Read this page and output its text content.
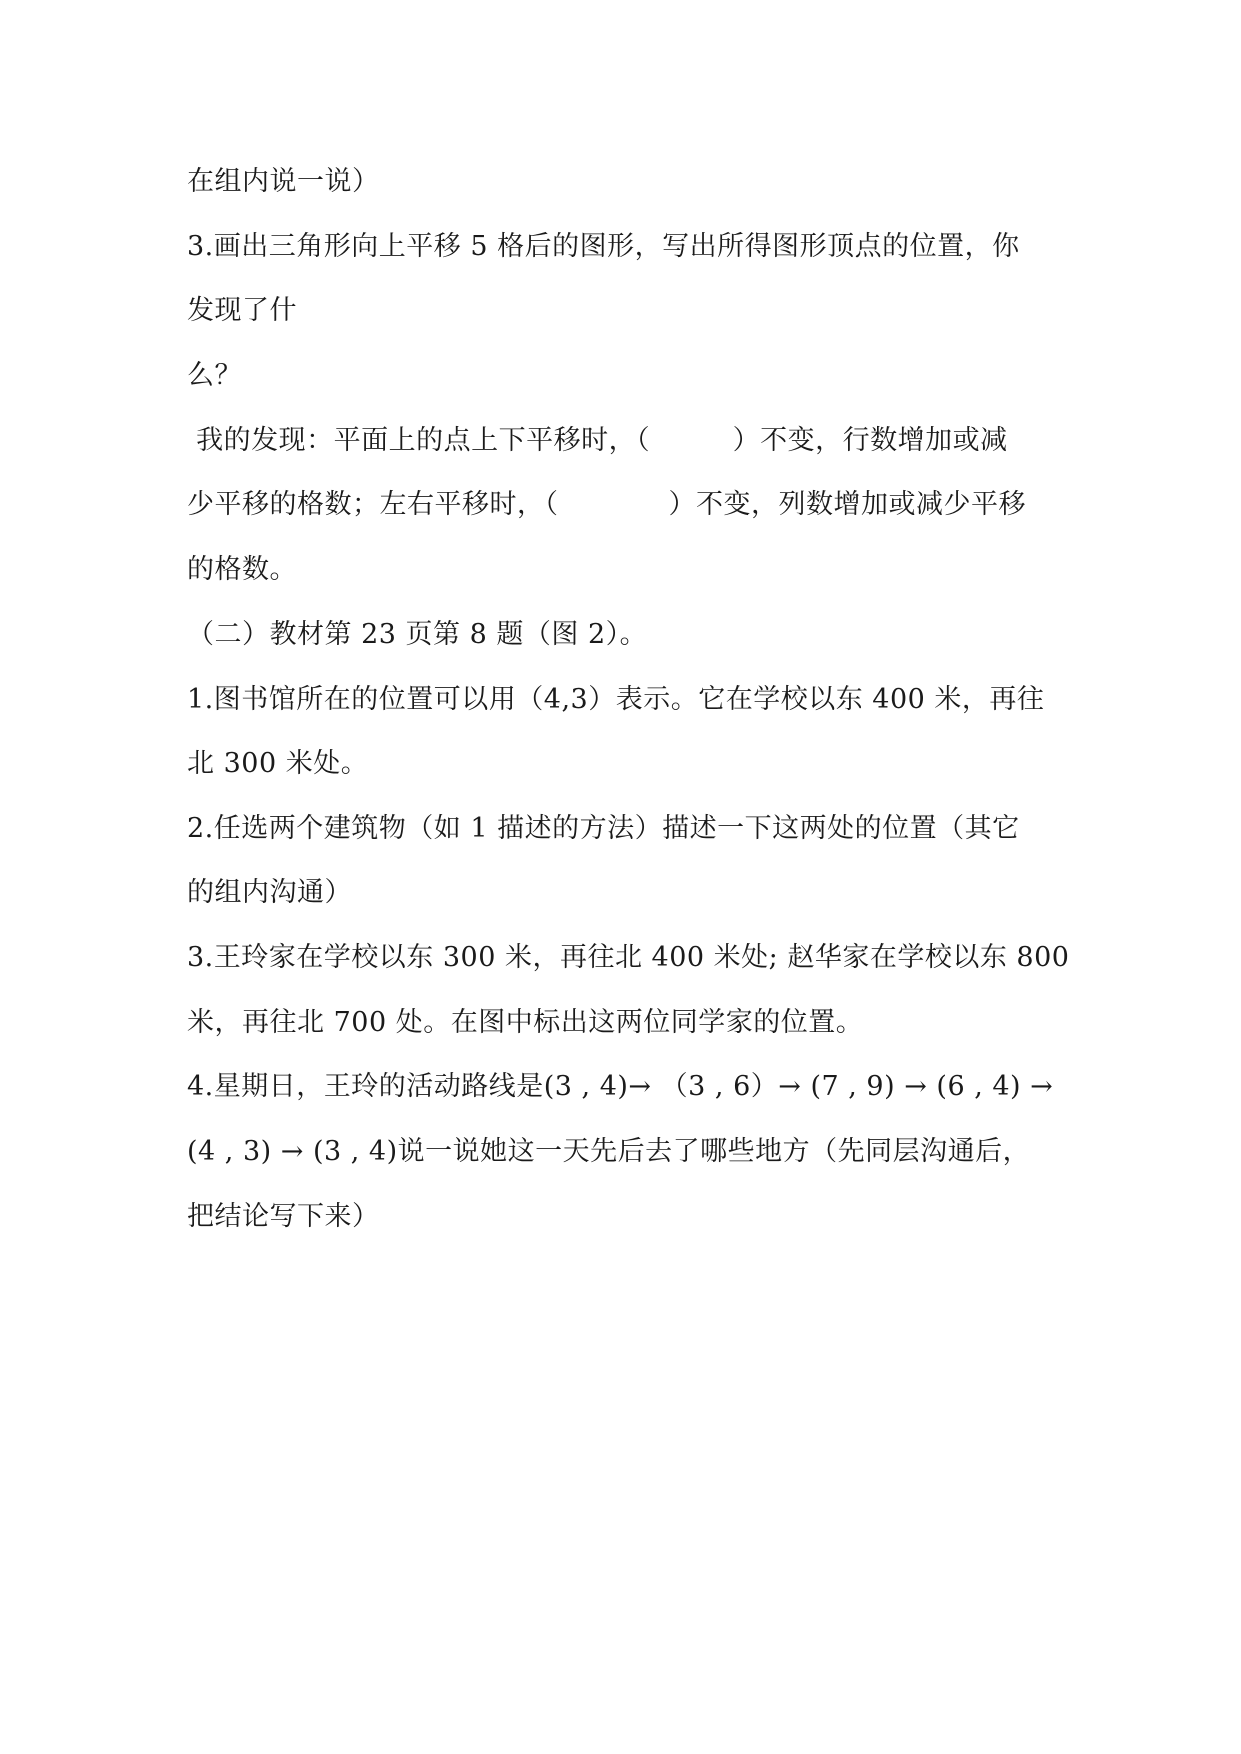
在组内说一说）
3.画出三角形向上平移 5 格后的图形，写出所得图形顶点的位置，你
发现了什
么？
我的发现：平面上的点上下平移时，（　　　）不变，行数增加或减
少平移的格数；左右平移时，（　　　　）不变，列数增加或减少平移
的格数。
（二）教材第 23 页第 8 题（图 2）。
1.图书馆所在的位置可以用（4,3）表示。它在学校以东 400 米，再往
北 300 米处。
2.任选两个建筑物（如 1 描述的方法）描述一下这两处的位置（其它
的组内沟通）
3.王玲家在学校以东 300 米，再往北 400 米处; 赵华家在学校以东 800
米，再往北 700 处。在图中标出这两位同学家的位置。
4.星期日，王玲的活动路线是(3 , 4)→ （3 , 6）→ (7 , 9) → (6 , 4) →
(4 , 3) → (3 , 4)说一说她这一天先后去了哪些地方（先同层沟通后，
把结论写下来）
